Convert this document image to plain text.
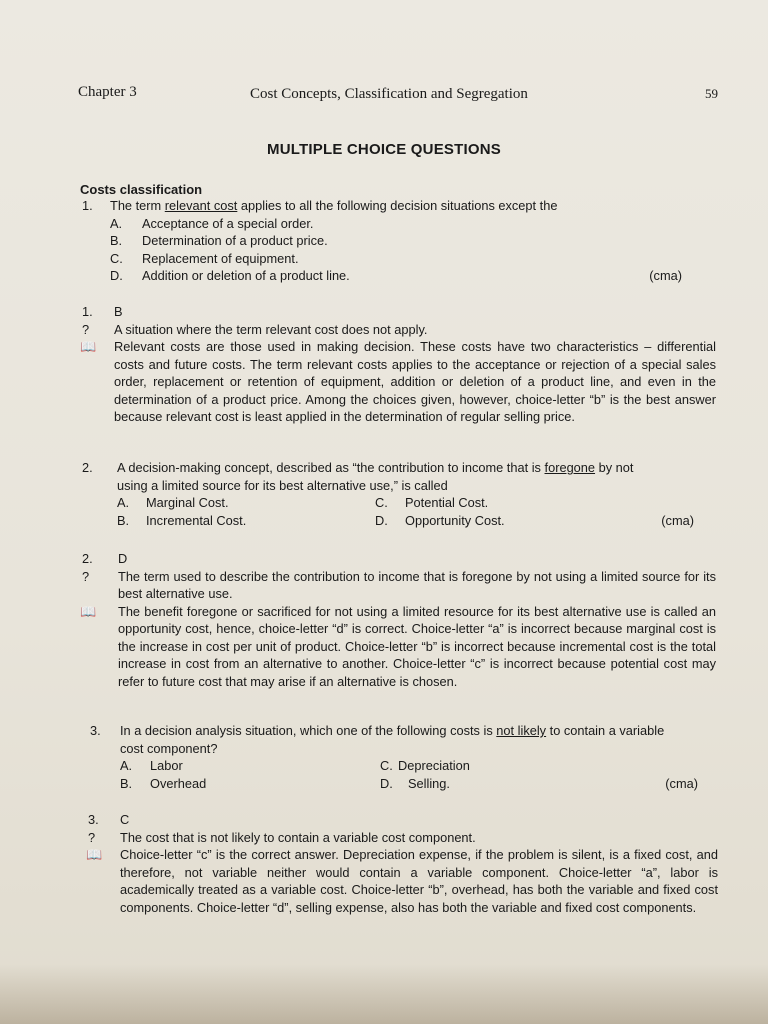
Chapter 3	Cost Concepts, Classification and Segregation	59
MULTIPLE CHOICE QUESTIONS
Costs classification
1. The term relevant cost applies to all the following decision situations except the
A. Acceptance of a special order.
B. Determination of a product price.
C. Replacement of equipment.
D. Addition or deletion of a product line.	(cma)
1. B
? A situation where the term relevant cost does not apply.
📖 Relevant costs are those used in making decision. These costs have two characteristics – differential costs and future costs. The term relevant costs applies to the acceptance or rejection of a special sales order, replacement or retention of equipment, addition or deletion of a product line, and even in the determination of a product price. Among the choices given, however, choice-letter “b” is the best answer because relevant cost is least applied in the determination of regular selling price.

2. A decision-making concept, described as “the contribution to income that is foregone by not
using a limited source for its best alternative use,” is called
A. Marginal Cost.	C. Potential Cost.
B. Incremental Cost.	D. Opportunity Cost.	(cma)
2. D
? The term used to describe the contribution to income that is foregone by not using a limited source for its best alternative use.

📖 The benefit foregone or sacrificed for not using a limited resource for its best alternative use is called an opportunity cost, hence, choice-letter “d” is correct. Choice-letter “a” is incorrect because marginal cost is the increase in cost per unit of product. Choice-letter “b” is incorrect because incremental cost is the total increase in cost from an alternative to another. Choice-letter “c” is incorrect because potential cost may refer to future cost that may arise if an alternative is chosen.

3. In a decision analysis situation, which one of the following costs is not likely to contain a variable
cost component?
A. Labor	C. Depreciation
B. Overhead	D. Selling.	(cma)
3. C
? The cost that is not likely to contain a variable cost component.
📖 Choice-letter “c” is the correct answer. Depreciation expense, if the problem is silent, is a fixed cost, and therefore, not variable neither would contain a variable component. Choice-letter “a”, labor is academically treated as a variable cost. Choice-letter “b”, overhead, has both the variable and fixed cost components. Choice-letter “d”, selling expense, also has both the variable and fixed cost components.
